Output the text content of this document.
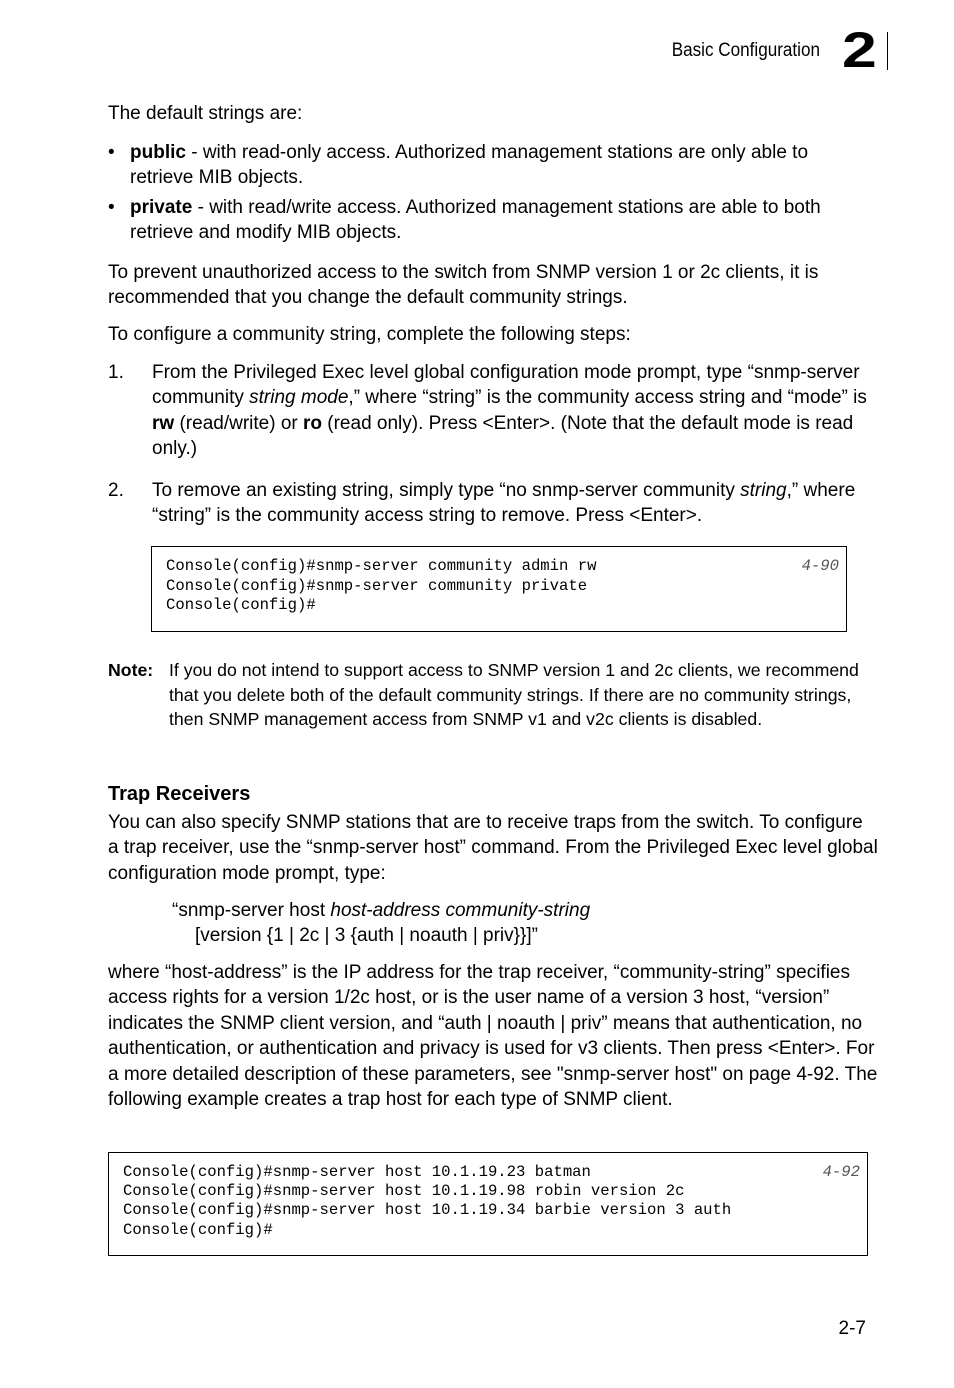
Basic Configuration 2
The default strings are:
• public - with read-only access. Authorized management stations are only able to retrieve MIB objects.
• private - with read/write access. Authorized management stations are able to both retrieve and modify MIB objects.
To prevent unauthorized access to the switch from SNMP version 1 or 2c clients, it is recommended that you change the default community strings.
To configure a community string, complete the following steps:
1. From the Privileged Exec level global configuration mode prompt, type “snmp-server community string mode,” where “string” is the community access string and “mode” is rw (read/write) or ro (read only). Press <Enter>. (Note that the default mode is read only.)
2. To remove an existing string, simply type “no snmp-server community string,” where “string” is the community access string to remove. Press <Enter>.
Console(config)#snmp-server community admin rw
Console(config)#snmp-server community private
Console(config)#
4-90
Note: If you do not intend to support access to SNMP version 1 and 2c clients, we recommend that you delete both of the default community strings. If there are no community strings, then SNMP management access from SNMP v1 and v2c clients is disabled.
Trap Receivers
You can also specify SNMP stations that are to receive traps from the switch. To configure a trap receiver, use the “snmp-server host” command. From the Privileged Exec level global configuration mode prompt, type:
“snmp-server host host-address community-string
[version {1 | 2c | 3 {auth | noauth | priv}}]”
where “host-address” is the IP address for the trap receiver, “community-string” specifies access rights for a version 1/2c host, or is the user name of a version 3 host, “version” indicates the SNMP client version, and “auth | noauth | priv” means that authentication, no authentication, or authentication and privacy is used for v3 clients. Then press <Enter>. For a more detailed description of these parameters, see "snmp-server host" on page 4-92. The following example creates a trap host for each type of SNMP client.
Console(config)#snmp-server host 10.1.19.23 batman
Console(config)#snmp-server host 10.1.19.98 robin version 2c
Console(config)#snmp-server host 10.1.19.34 barbie version 3 auth
Console(config)#
4-92
2-7
